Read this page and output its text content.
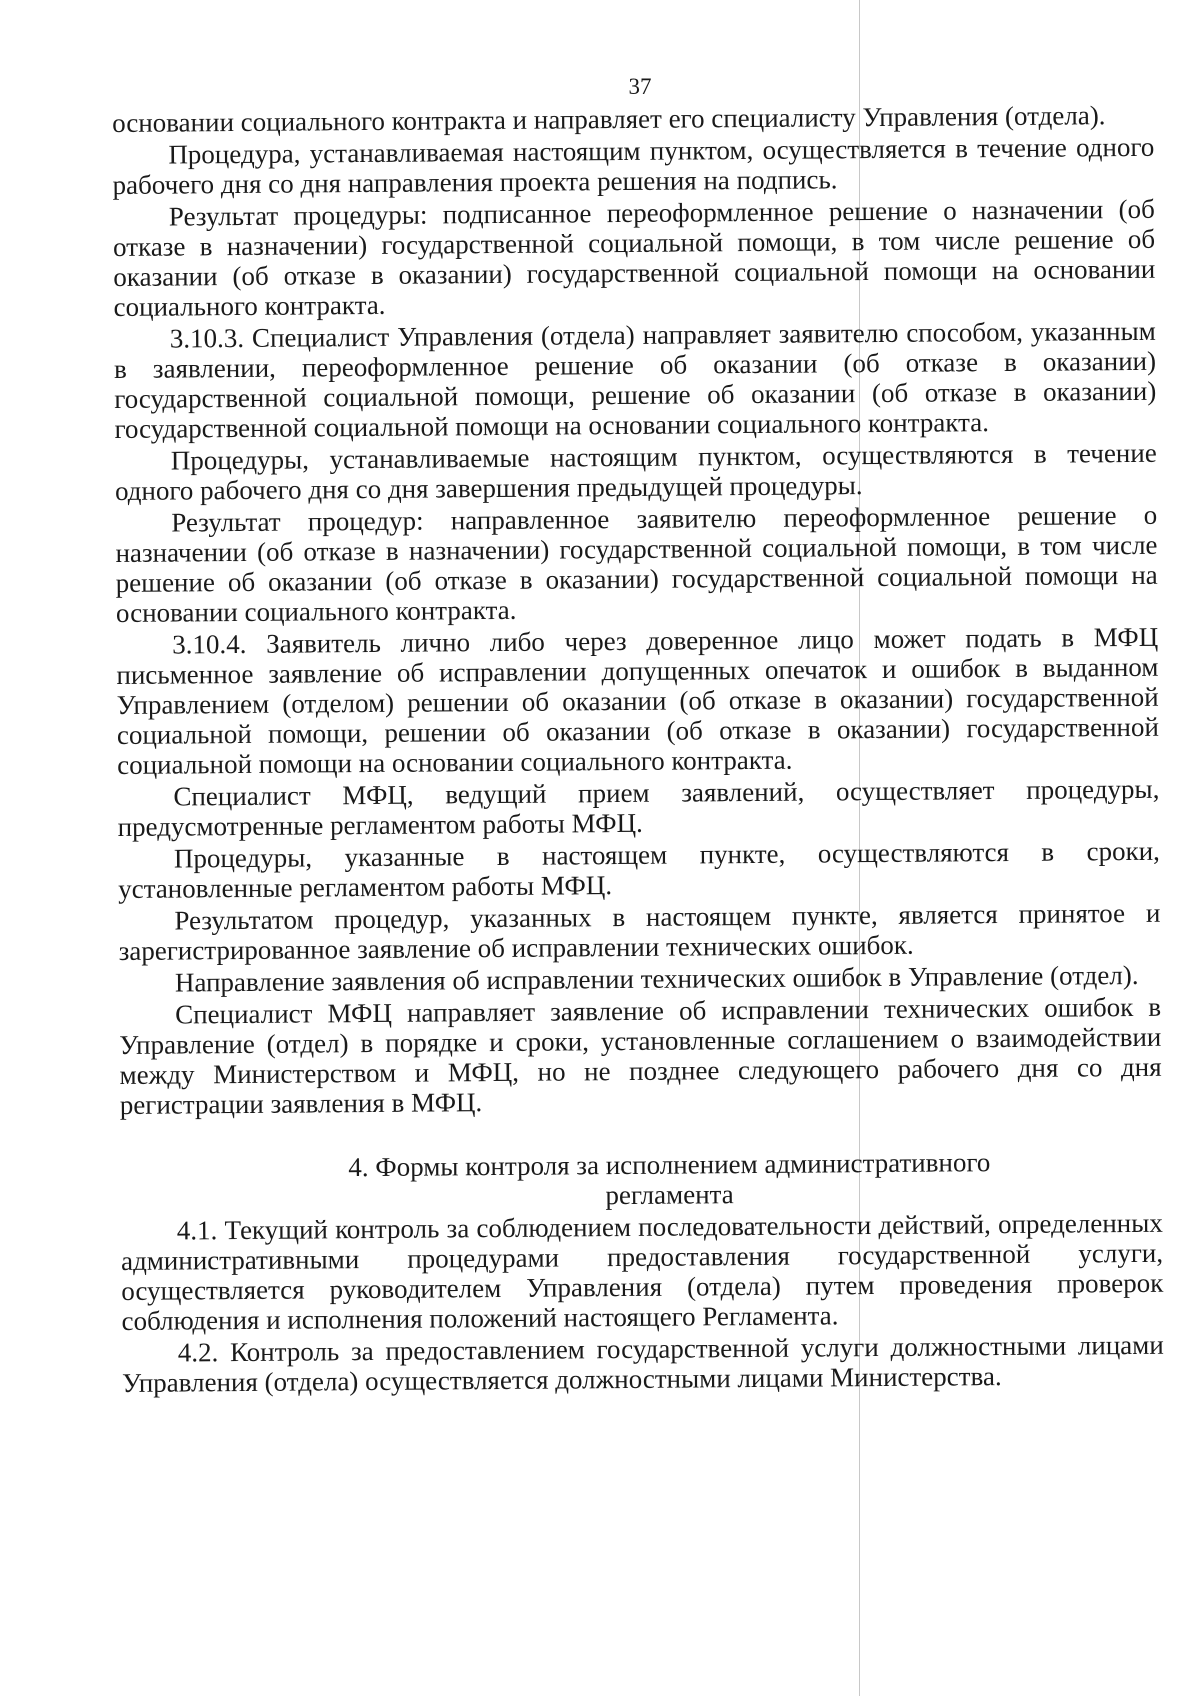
37

основании социального контракта и направляет его специалисту Управления (отдела).

Процедура, устанавливаемая настоящим пунктом, осуществляется в течение одного рабочего дня со дня направления проекта решения на подпись.

Результат процедуры: подписанное переоформленное решение о назначении (об отказе в назначении) государственной социальной помощи, в том числе решение об оказании (об отказе в оказании) государственной социальной помощи на основании социального контракта.

3.10.3. Специалист Управления (отдела) направляет заявителю способом, указанным в заявлении, переоформленное решение об оказании (об отказе в оказании) государственной социальной помощи, решение об оказании (об отказе в оказании) государственной социальной помощи на основании социального контракта.

Процедуры, устанавливаемые настоящим пунктом, осуществляются в течение одного рабочего дня со дня завершения предыдущей процедуры.

Результат процедур: направленное заявителю переоформленное решение о назначении (об отказе в назначении) государственной социальной помощи, в том числе решение об оказании (об отказе в оказании) государственной социальной помощи на основании социального контракта.

3.10.4. Заявитель лично либо через доверенное лицо может подать в МФЦ письменное заявление об исправлении допущенных опечаток и ошибок в выданном Управлением (отделом) решении об оказании (об отказе в оказании) государственной социальной помощи, решении об оказании (об отказе в оказании) государственной социальной помощи на основании социального контракта.

Специалист МФЦ, ведущий прием заявлений, осуществляет процедуры, предусмотренные регламентом работы МФЦ.

Процедуры, указанные в настоящем пункте, осуществляются в сроки, установленные регламентом работы МФЦ.

Результатом процедур, указанных в настоящем пункте, является принятое и зарегистрированное заявление об исправлении технических ошибок.

Направление заявления об исправлении технических ошибок в Управление (отдел).

Специалист МФЦ направляет заявление об исправлении технических ошибок в Управление (отдел) в порядке и сроки, установленные соглашением о взаимодействии между Министерством и МФЦ, но не позднее следующего рабочего дня со дня регистрации заявления в МФЦ.

4. Формы контроля за исполнением административного
регламента

4.1. Текущий контроль за соблюдением последовательности действий, определенных административными процедурами предоставления государственной услуги, осуществляется руководителем Управления (отдела) путем проведения проверок соблюдения и исполнения положений настоящего Регламента.

4.2. Контроль за предоставлением государственной услуги должностными лицами Управления (отдела) осуществляется должностными лицами Министерства.
